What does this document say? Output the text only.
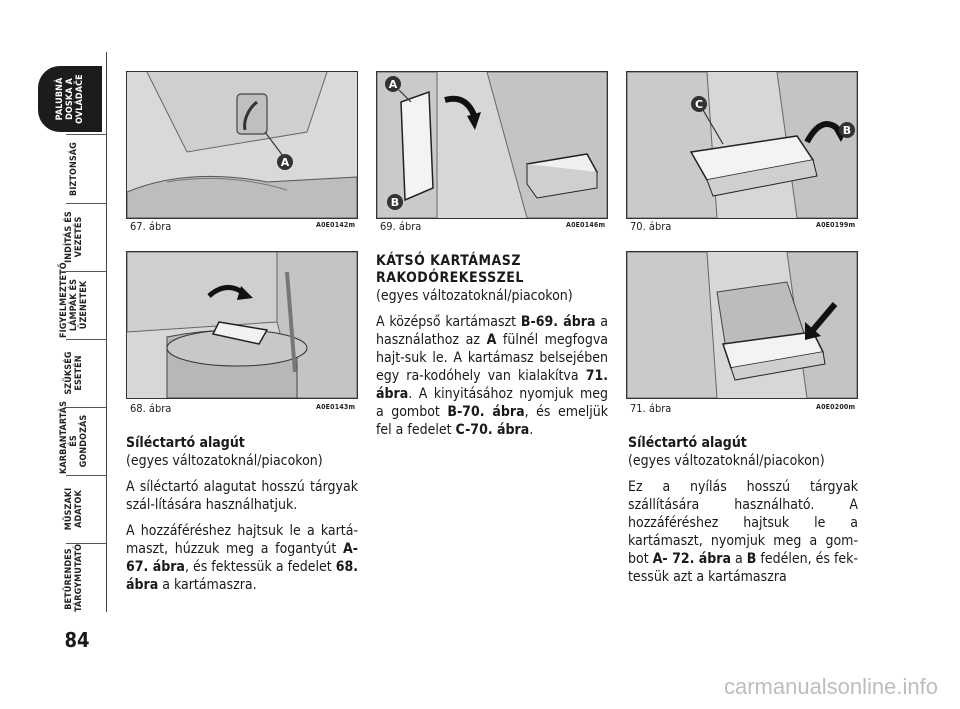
PALUBNÁ
DOSKA A
OVLÁDAČE
BIZTONSÁG
INDÍTÁS ÉS
VEZETÉS
FIGYELMEZTETŐ
LÁMPÁK ÉS
ÜZENETEK
SZÜKSÉG
ESETÉN
KARBANTARTÁS
ÉS GONDOZÁS
MŰSZAKI
ADATOK
BETŰRENDES
TÁRGYMUTATÓ
84
A
67. ábra	A0E0142m
68. ábra	A0E0143m
A
B
69. ábra	A0E0146m
C
B
70. ábra	A0E0199m
71. ábra	A0E0200m
Síléctartó alagút
(egyes változatoknál/piacokon)
A síléctartó alagutat hosszú tárgyak szál-lítására használhatjuk.
A hozzáféréshez hajtsuk le a kartá-maszt, húzzuk meg a fogantyút A-67. ábra, és fektessük a fedelet 68. ábra a kartámaszra.
KÁTSÓ KARTÁMASZ
RAKODÓREKESSZEL
(egyes változatoknál/piacokon)
A középső kartámaszt B-69. ábra a használathoz az A fülnél megfogva hajt-suk le. A kartámasz belsejében egy ra-kodóhely van kialakítva 71. ábra. A kinyitásához nyomjuk meg a gombot B-70. ábra, és emeljük fel a fedelet C-70. ábra.
Síléctartó alagút
(egyes változatoknál/piacokon)
Ez a nyílás hosszú tárgyak szállítására használható. A hozzáféréshez hajtsuk le a kartámaszt, nyomjuk meg a gom-bot A- 72. ábra a B fedélen, és fek-tessük azt a kartámaszra
carmanualsonline.info
